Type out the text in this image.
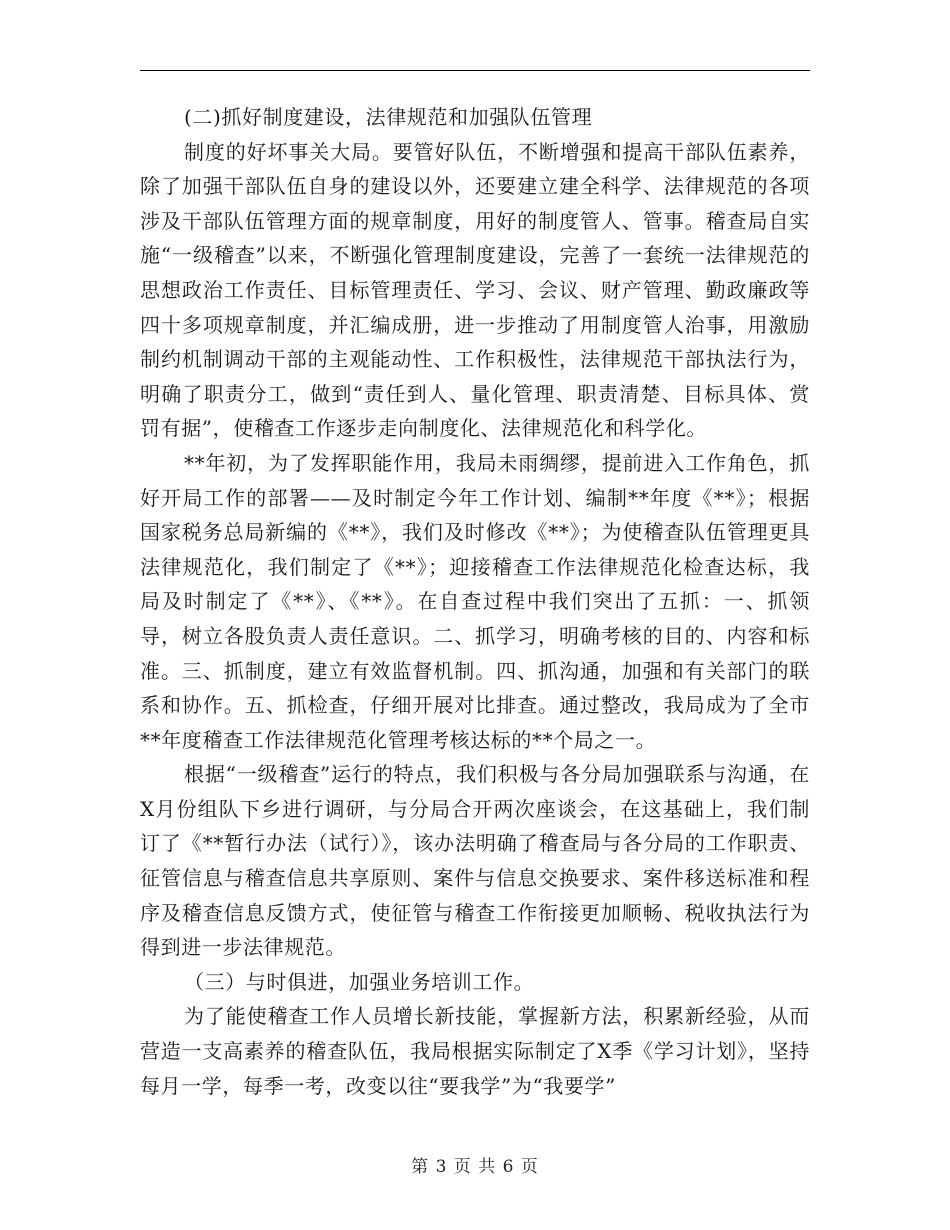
(二)抓好制度建设，法律规范和加强队伍管理

制度的好坏事关大局。要管好队伍，不断增强和提高干部队伍素养，除了加强干部队伍自身的建设以外，还要建立建全科学、法律规范的各项涉及干部队伍管理方面的规章制度，用好的制度管人、管事。稽查局自实施“一级稽查”以来，不断强化管理制度建设，完善了一套统一法律规范的思想政治工作责任、目标管理责任、学习、会议、财产管理、勤政廉政等四十多项规章制度，并汇编成册，进一步推动了用制度管人治事，用激励制约机制调动干部的主观能动性、工作积极性，法律规范干部执法行为，明确了职责分工，做到“责任到人、量化管理、职责清楚、目标具体、赏罚有据”，使稽查工作逐步走向制度化、法律规范化和科学化。

**年初，为了发挥职能作用，我局未雨绸缪，提前进入工作角色，抓好开局工作的部署——及时制定今年工作计划、编制**年度《**》；根据国家税务总局新编的《**》，我们及时修改《**》；为使稽查队伍管理更具法律规范化，我们制定了《**》；迎接稽查工作法律规范化检查达标，我局及时制定了《**》、《**》。在自查过程中我们突出了五抓：一、抓领导，树立各股负责人责任意识。二、抓学习，明确考核的目的、内容和标准。三、抓制度，建立有效监督机制。四、抓沟通，加强和有关部门的联系和协作。五、抓检查，仔细开展对比排查。通过整改，我局成为了全市**年度稽查工作法律规范化管理考核达标的**个局之一。

根据“一级稽查”运行的特点，我们积极与各分局加强联系与沟通，在X月份组队下乡进行调研，与分局合开两次座谈会，在这基础上，我们制订了《**暂行办法（试行）》，该办法明确了稽查局与各分局的工作职责、征管信息与稽查信息共享原则、案件与信息交换要求、案件移送标准和程序及稽查信息反馈方式，使征管与稽查工作衔接更加顺畅、税收执法行为得到进一步法律规范。

（三）与时俱进，加强业务培训工作。

为了能使稽查工作人员增长新技能，掌握新方法，积累新经验，从而营造一支高素养的稽查队伍，我局根据实际制定了X季《学习计划》，坚持每月一学，每季一考，改变以往“要我学”为“我要学”

第 3 页 共 6 页
